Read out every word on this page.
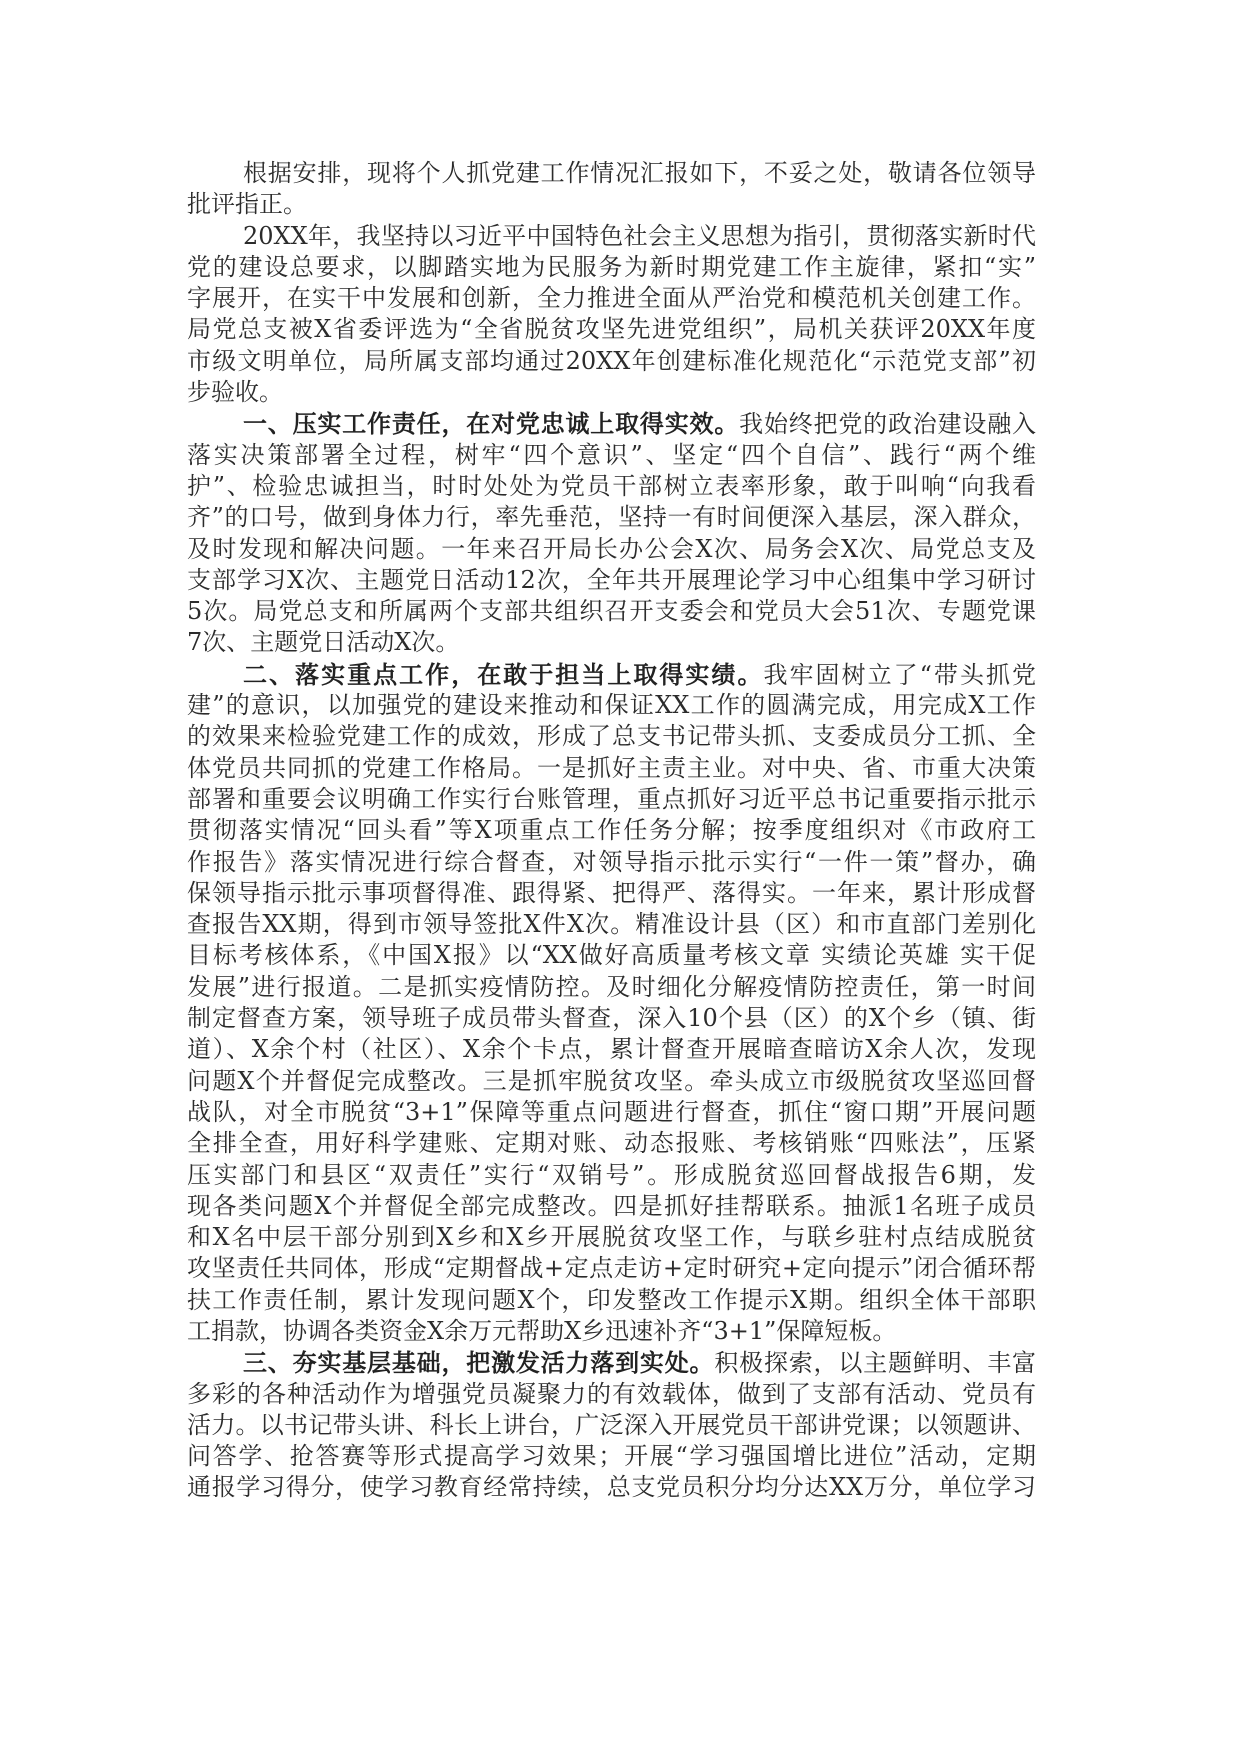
根据安排，现将个人抓党建工作情况汇报如下，不妥之处，敬请各位领导
批评指正。
20XX年，我坚持以习近平中国特色社会主义思想为指引，贯彻落实新时代
党的建设总要求，以脚踏实地为民服务为新时期党建工作主旋律，紧扣“实”
字展开，在实干中发展和创新，全力推进全面从严治党和模范机关创建工作。
局党总支被X省委评选为“全省脱贫攻坚先进党组织”，局机关获评20XX年度
市级文明单位，局所属支部均通过20XX年创建标准化规范化“示范党支部”初
步验收。
一、压实工作责任，在对党忠诚上取得实效。我始终把党的政治建设融入
落实决策部署全过程，树牢“四个意识”、坚定“四个自信”、践行“两个维
护”、检验忠诚担当，时时处处为党员干部树立表率形象，敢于叫响“向我看
齐”的口号，做到身体力行，率先垂范，坚持一有时间便深入基层，深入群众，
及时发现和解决问题。一年来召开局长办公会X次、局务会X次、局党总支及
支部学习X次、主题党日活动12次，全年共开展理论学习中心组集中学习研讨
5次。局党总支和所属两个支部共组织召开支委会和党员大会51次、专题党课
7次、主题党日活动X次。
二、落实重点工作，在敢于担当上取得实绩。我牢固树立了“带头抓党
建”的意识，以加强党的建设来推动和保证XX工作的圆满完成，用完成X工作
的效果来检验党建工作的成效，形成了总支书记带头抓、支委成员分工抓、全
体党员共同抓的党建工作格局。一是抓好主责主业。对中央、省、市重大决策
部署和重要会议明确工作实行台账管理，重点抓好习近平总书记重要指示批示
贯彻落实情况“回头看”等X项重点工作任务分解；按季度组织对《市政府工
作报告》落实情况进行综合督查，对领导指示批示实行“一件一策”督办，确
保领导指示批示事项督得准、跟得紧、把得严、落得实。一年来，累计形成督
查报告XX期，得到市领导签批X件X次。精准设计县（区）和市直部门差别化
目标考核体系，《中国X报》以“XX做好高质量考核文章 实绩论英雄 实干促
发展”进行报道。二是抓实疫情防控。及时细化分解疫情防控责任，第一时间
制定督查方案，领导班子成员带头督查，深入10个县（区）的X个乡（镇、街
道）、X余个村（社区）、X余个卡点，累计督查开展暗查暗访X余人次，发现
问题X个并督促完成整改。三是抓牢脱贫攻坚。牵头成立市级脱贫攻坚巡回督
战队，对全市脱贫“3+1”保障等重点问题进行督查，抓住“窗口期”开展问题
全排全查，用好科学建账、定期对账、动态报账、考核销账“四账法”，压紧
压实部门和县区“双责任”实行“双销号”。形成脱贫巡回督战报告6期，发
现各类问题X个并督促全部完成整改。四是抓好挂帮联系。抽派1名班子成员
和X名中层干部分别到X乡和X乡开展脱贫攻坚工作，与联乡驻村点结成脱贫
攻坚责任共同体，形成“定期督战+定点走访+定时研究+定向提示”闭合循环帮
扶工作责任制，累计发现问题X个，印发整改工作提示X期。组织全体干部职
工捐款，协调各类资金X余万元帮助X乡迅速补齐“3+1”保障短板。
三、夯实基层基础，把激发活力落到实处。积极探索，以主题鲜明、丰富
多彩的各种活动作为增强党员凝聚力的有效载体，做到了支部有活动、党员有
活力。以书记带头讲、科长上讲台，广泛深入开展党员干部讲党课；以领题讲、
问答学、抢答赛等形式提高学习效果；开展“学习强国增比进位”活动，定期
通报学习得分，使学习教育经常持续，总支党员积分均分达XX万分，单位学习
